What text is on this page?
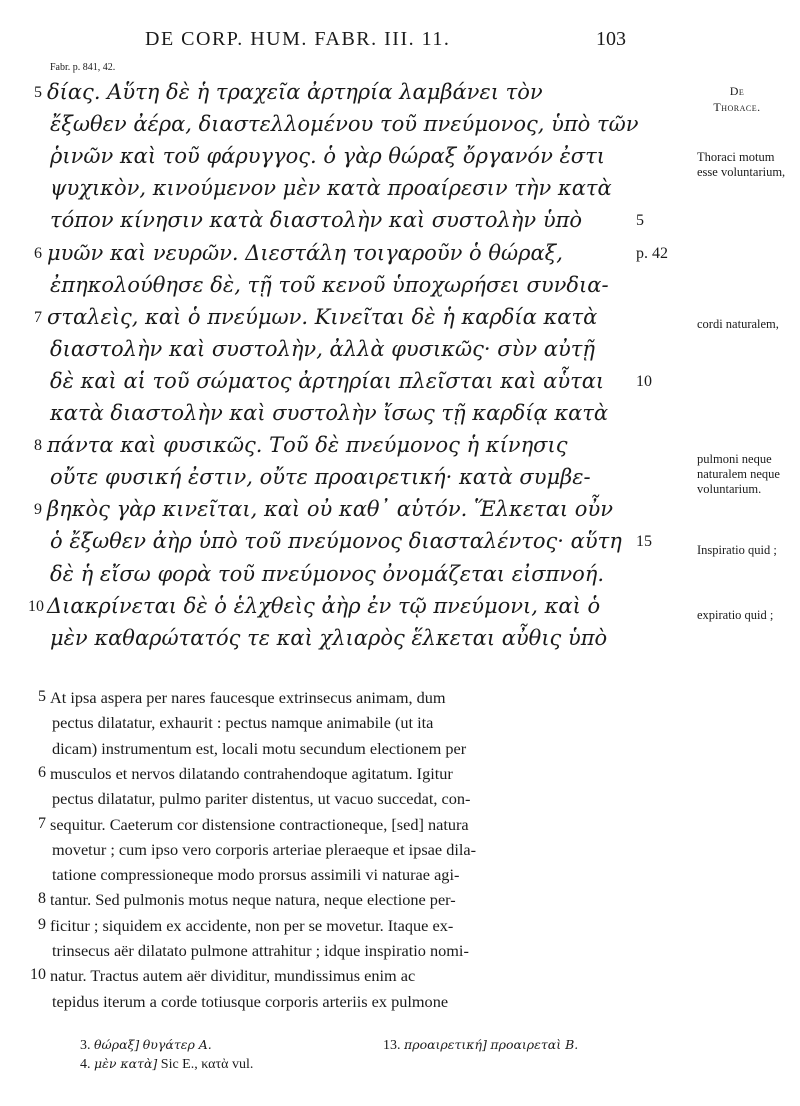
DE CORP. HUM. FABR. III. 11.	103
Fabr. p. 841, 42.
De
Thorace.
Thoraci motum esse voluntarium,
cordi naturalem,
pulmoni neque naturalem neque voluntarium.
Inspiratio quid ;
expiratio quid ;
5 δίας. Αὕτη δὲ ἡ τραχεῖα ἀρτηρία λαμβάνει τὸν
ἔξωθεν ἀέρα, διαστελλομένου τοῦ πνεύμονος, ὑπὸ τῶν
ῥινῶν καὶ τοῦ φάρυγγος. ὁ γὰρ θώραξ ὄργανόν ἐστι
ψυχικὸν, κινούμενον μὲν κατὰ προαίρεσιν τὴν κατὰ
τόπον κίνησιν κατὰ διαστολὴν καὶ συστολὴν ὑπὸ	5
6 μυῶν καὶ νευρῶν. Διεστάλη τοιγαροῦν ὁ θώραξ,	p. 42
ἐπηκολούθησε δὲ, τῇ τοῦ κενοῦ ὑποχωρήσει συνδια-
7 σταλεὶς, καὶ ὁ πνεύμων. Κινεῖται δὲ ἡ καρδία κατὰ
διαστολὴν καὶ συστολὴν, ἀλλὰ φυσικῶς· σὺν αὐτῇ
δὲ καὶ αἱ τοῦ σώματος ἀρτηρίαι πλεῖσται καὶ αὗται 10
κατὰ διαστολὴν καὶ συστολὴν ἴσως τῇ καρδίᾳ κατὰ
8 πάντα καὶ φυσικῶς. Τοῦ δὲ πνεύμονος ἡ κίνησις
οὔτε φυσική ἐστιν, οὔτε προαιρετική· κατὰ συμβε-
9 βηκὸς γὰρ κινεῖται, καὶ οὐ καθ᾽ αὑτόν. Ἕλκεται οὖν
ὁ ἔξωθεν ἀὴρ ὑπὸ τοῦ πνεύμονος διασταλέντος· αὕτη 15
δὲ ἡ εἴσω φορὰ τοῦ πνεύμονος ὀνομάζεται εἰσπνοή.
10 Διακρίνεται δὲ ὁ ἑλχθεὶς ἀὴρ ἐν τῷ πνεύμονι, καὶ ὁ
μὲν καθαρώτατός τε καὶ χλιαρὸς ἕλκεται αὖθις ὑπὸ
5 At ipsa aspera per nares faucesque extrinsecus animam, dum
pectus dilatatur, exhaurit : pectus namque animabile (ut ita
dicam) instrumentum est, locali motu secundum electionem per
6 musculos et nervos dilatando contrahendoque agitatum. Igitur
pectus dilatatur, pulmo pariter distentus, ut vacuo succedat, con-
7 sequitur. Caeterum cor distensione contractioneque, [sed] natura
movetur ; cum ipso vero corporis arteriae pleraeque et ipsae dila-
tatione compressioneque modo prorsus assimili vi naturae agi-
8 tantur. Sed pulmonis motus neque natura, neque electione per-
9 ficitur ; siquidem ex accidente, non per se movetur. Itaque ex-
trinsecus aër dilatato pulmone attrahitur ; idque inspiratio nomi-
10 natur. Tractus autem aër dividitur, mundissimus enim ac
tepidus iterum a corde totiusque corporis arteriis ex pulmone
3. θώραξ] θυγάτερ A.
4. μὲν κατὰ] Sic E., κατὰ vul.
13. προαιρετική] προαιρεταὶ B.
